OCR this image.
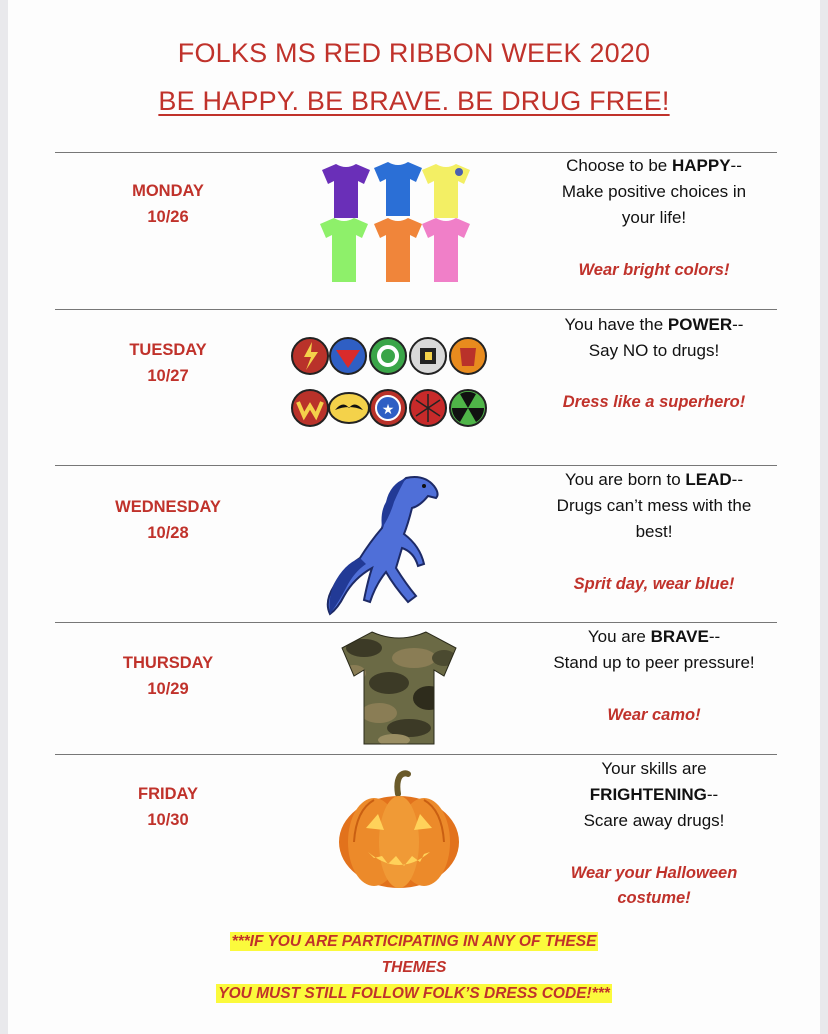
FOLKS MS RED RIBBON WEEK 2020
BE HAPPY. BE BRAVE. BE DRUG FREE!
MONDAY
10/26
Choose to be HAPPY--
Make positive choices in
your life!
Wear bright colors!
TUESDAY
10/27
★
You have the POWER--
Say NO to drugs!
Dress like a superhero!
WEDNESDAY
10/28
You are born to LEAD--
Drugs can’t mess with the
best!
Sprit day, wear blue!
THURSDAY
10/29
You are BRAVE--
Stand up to peer pressure!
Wear camo!
FRIDAY
10/30
Your skills are
FRIGHTENING--
Scare away drugs!
Wear your Halloween
costume!
***IF YOU ARE PARTICIPATING IN ANY OF THESE
THEMES
YOU MUST STILL FOLLOW FOLK’S DRESS CODE!***
